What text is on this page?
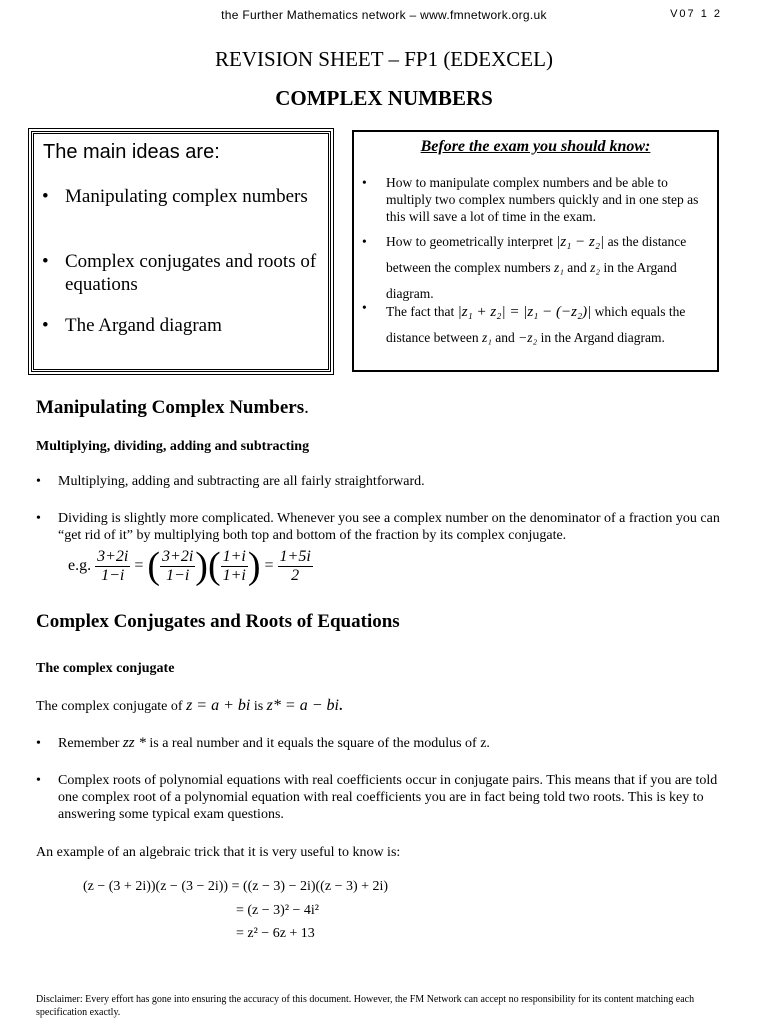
the Further Mathematics network – www.fmnetwork.org.uk	V07 1 2
REVISION SHEET – FP1 (EDEXCEL)
COMPLEX NUMBERS
The main ideas are:
• Manipulating complex numbers
• Complex conjugates and roots of equations
• The Argand diagram
Before the exam you should know:
•	How to manipulate complex numbers and be able to multiply two complex numbers quickly and in one step as this will save a lot of time in the exam.
•	How to geometrically interpret |z₁ − z₂| as the distance between the complex numbers z₁ and z₂ in the Argand diagram.
•	The fact that |z₁ + z₂| = |z₁ − (−z₂)| which equals the distance between z₁ and −z₂ in the Argand diagram.
Manipulating Complex Numbers.
Multiplying, dividing, adding and subtracting
•	Multiplying, adding and subtracting are all fairly straightforward.
•	Dividing is slightly more complicated. Whenever you see a complex number on the denominator of a fraction you can “get rid of it” by multiplying both top and bottom of the fraction by its complex conjugate.
e.g. $\frac{3+2i}{1-i}$ = ( $\frac{3+2i}{1-i}$ )( $\frac{1+i}{1+i}$ ) = $\frac{1+5i}{2}$
Complex Conjugates and Roots of Equations
The complex conjugate
The complex conjugate of z = a + bi is z* = a − bi.
•	Remember zz * is a real number and it equals the square of the modulus of z.
•	Complex roots of polynomial equations with real coefficients occur in conjugate pairs. This means that if you are told one complex root of a polynomial equation with real coefficients you are in fact being told two roots. This is key to answering some typical exam questions.
An example of an algebraic trick that it is very useful to know is:
(z − (3 + 2i))(z − (3 − 2i)) = ((z − 3) − 2i)((z − 3) + 2i)
= (z − 3)² − 4i²
= z² − 6z + 13
Disclaimer: Every effort has gone into ensuring the accuracy of this document. However, the FM Network can accept no responsibility for its content matching each specification exactly.
